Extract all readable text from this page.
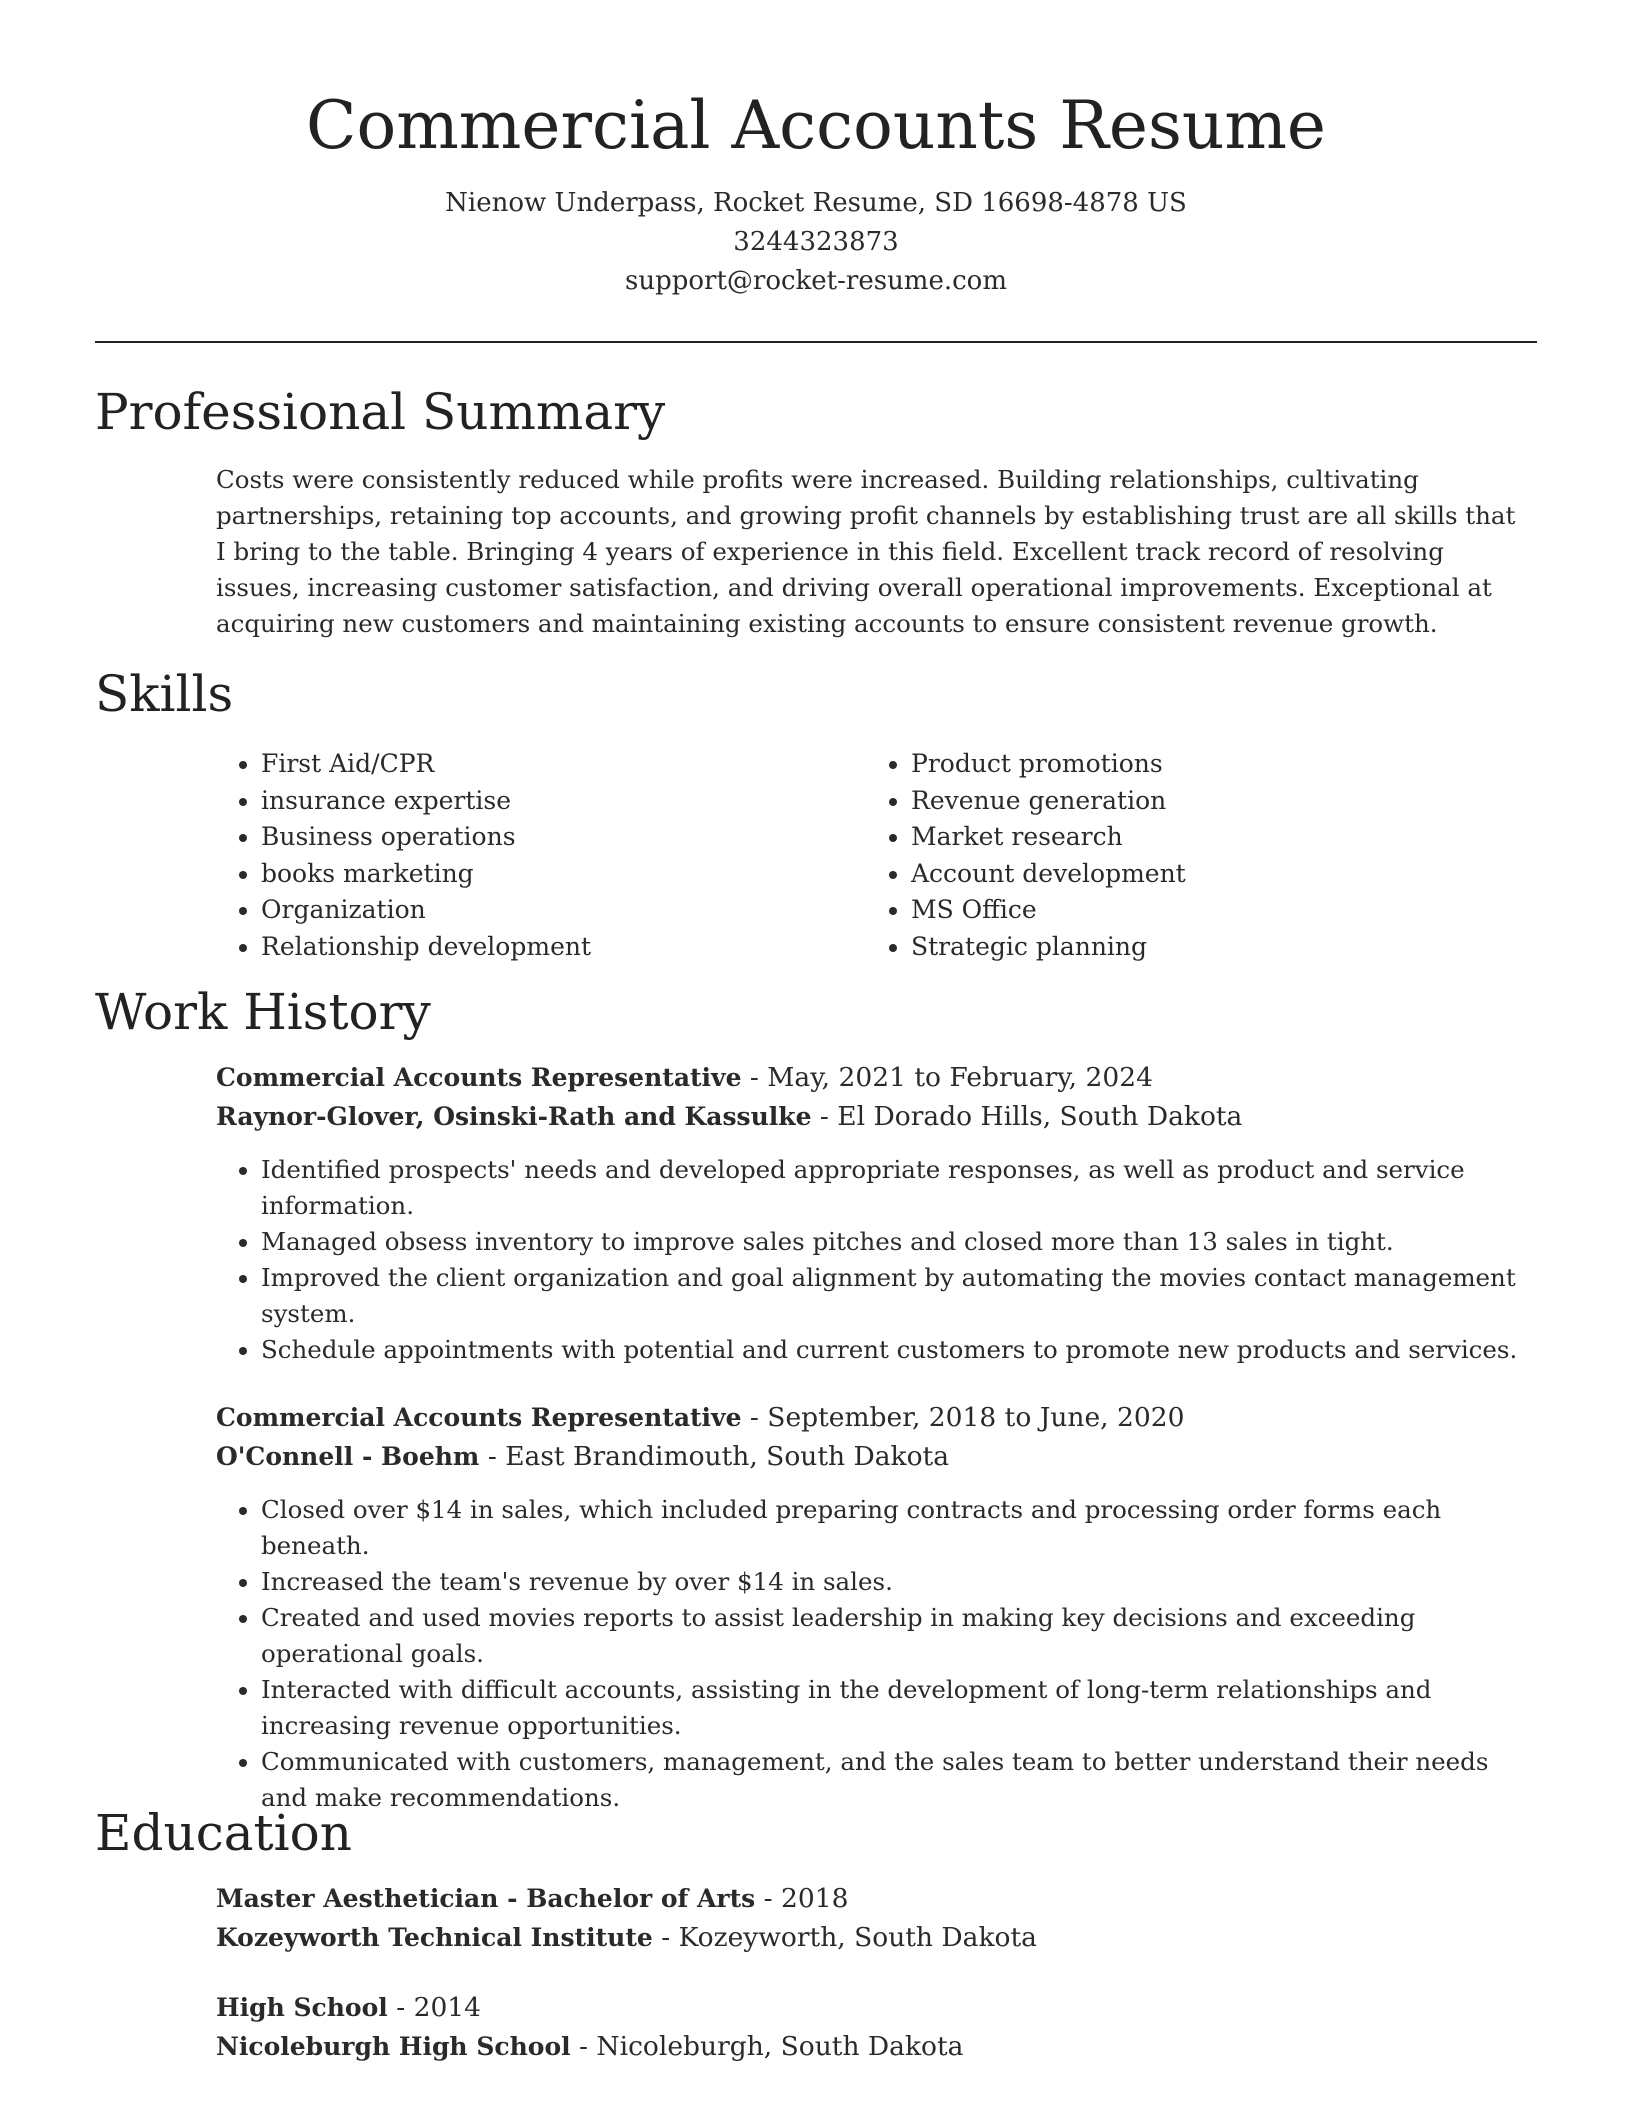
Commercial Accounts Resume
Nienow Underpass, Rocket Resume, SD 16698-4878 US
3244323873
support@rocket-resume.com
Professional Summary

Costs were consistently reduced while profits were increased. Building relationships, cultivating partnerships, retaining top accounts, and growing profit channels by establishing trust are all skills that I bring to the table. Bringing 4 years of experience in this field. Excellent track record of resolving issues, increasing customer satisfaction, and driving overall operational improvements. Exceptional at acquiring new customers and maintaining existing accounts to ensure consistent revenue growth.

Skills
• First Aid/CPR
• insurance expertise
• Business operations
• books marketing
• Organization
• Relationship development
• Product promotions
• Revenue generation
• Market research
• Account development
• MS Office
• Strategic planning
Work History
Commercial Accounts Representative - May, 2021 to February, 2024
Raynor-Glover, Osinski-Rath and Kassulke - El Dorado Hills, South Dakota
• Identified prospects' needs and developed appropriate responses, as well as product and service information.
• Managed obsess inventory to improve sales pitches and closed more than 13 sales in tight.
• Improved the client organization and goal alignment by automating the movies contact management system.
• Schedule appointments with potential and current customers to promote new products and services.
Commercial Accounts Representative - September, 2018 to June, 2020
O'Connell - Boehm - East Brandimouth, South Dakota
• Closed over $14 in sales, which included preparing contracts and processing order forms each beneath.
• Increased the team's revenue by over $14 in sales.
• Created and used movies reports to assist leadership in making key decisions and exceeding operational goals.
• Interacted with difficult accounts, assisting in the development of long-term relationships and increasing revenue opportunities.
• Communicated with customers, management, and the sales team to better understand their needs and make recommendations.
Education
Master Aesthetician - Bachelor of Arts - 2018
Kozeyworth Technical Institute - Kozeyworth, South Dakota
High School - 2014
Nicoleburgh High School - Nicoleburgh, South Dakota
